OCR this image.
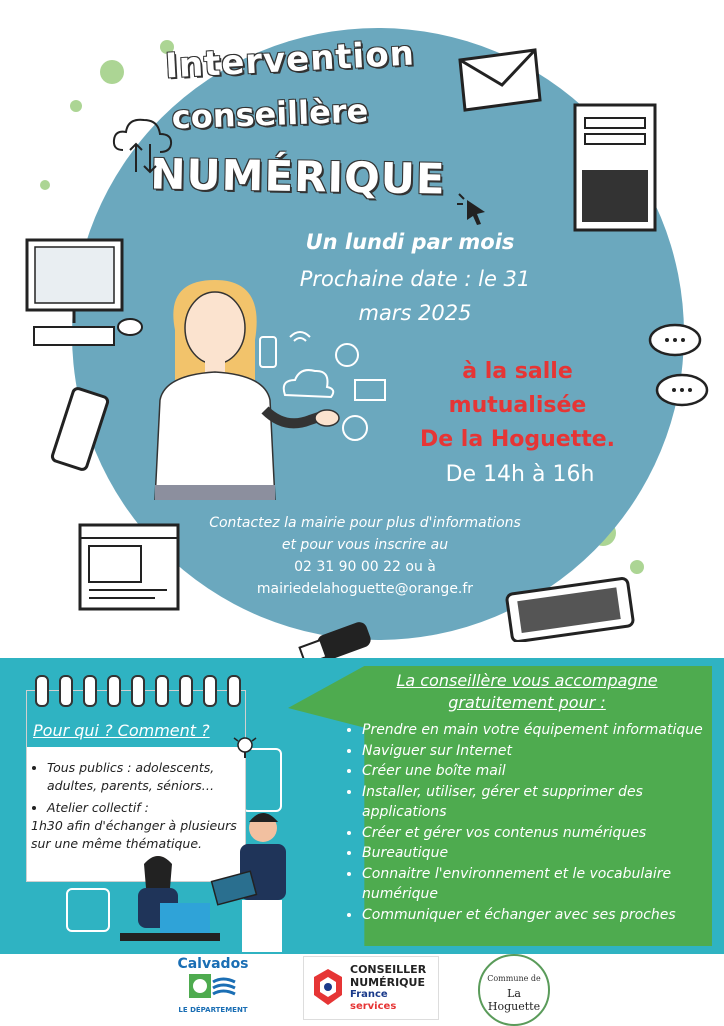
Intervention
conseillère
NUMÉRIQUE
Un lundi par mois
Prochaine date : le 31
mars 2025
à la salle
mutualisée
De la Hoguette.
De 14h à 16h
Contactez la mairie pour plus d'informations
et pour vous inscrire au
02 31 90 00 22 ou à
mairiedelahoguette@orange.fr
La conseillère vous accompagne
gratuitement pour :
• Prendre en main votre équipement informatique
• Naviguer sur Internet
• Créer une boîte mail
• Installer, utiliser, gérer et supprimer des applications
• Créer et gérer vos contenus numériques
• Bureautique
• Connaitre l'environnement et le vocabulaire numérique
• Communiquer et échanger avec ses proches
Pour qui ? Comment ?
• Tous publics : adolescents, adultes, parents, séniors…
• Atelier collectif :
1h30 afin d'échanger à plusieurs sur une même thématique.
Calvados
LE DÉPARTEMENT
CONSEILLER
NUMÉRIQUE
France
services
Commune de
La Hoguette
